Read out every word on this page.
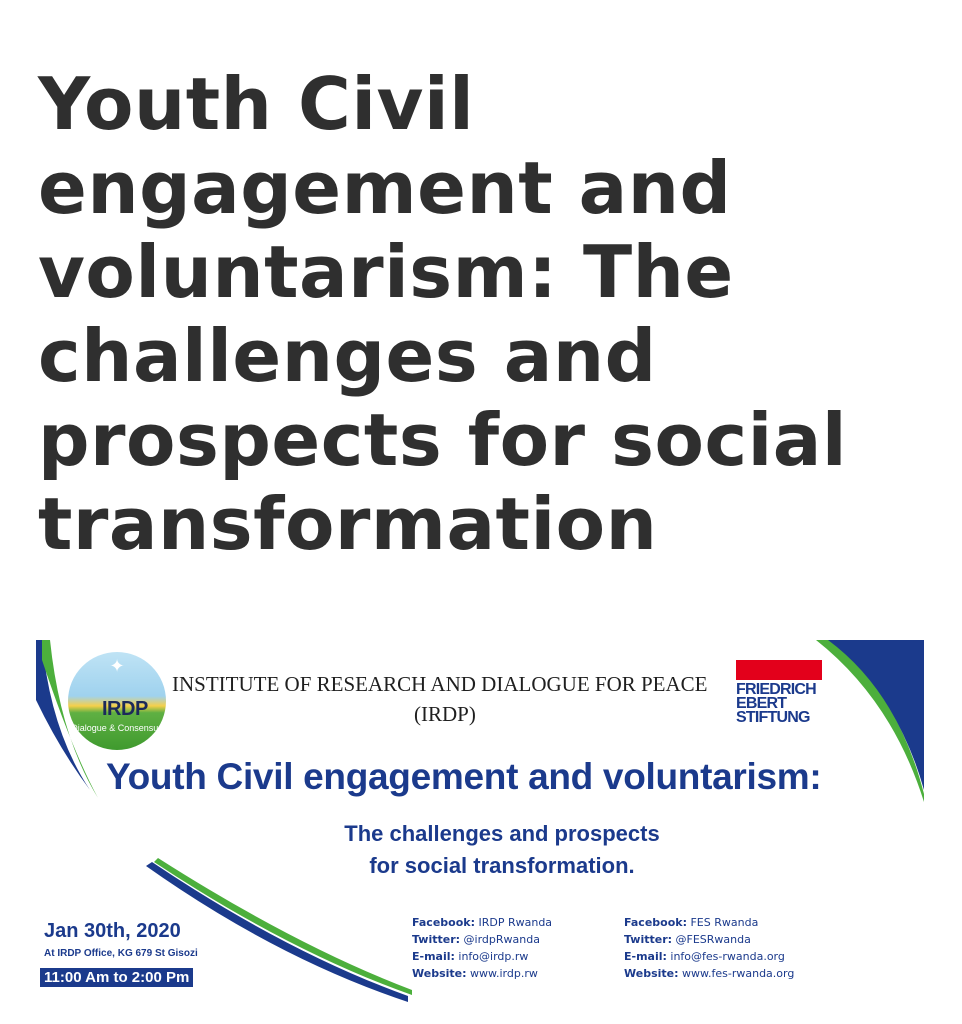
Youth Civil
engagement and
voluntarism: The
challenges and
prospects for social
transformation
✦
IRDP
Dialogue & Consensus
INSTITUTE OF RESEARCH AND DIALOGUE FOR PEACE
(IRDP)
FRIEDRICH
EBERT
STIFTUNG
Youth Civil engagement and voluntarism:
The challenges and prospects
for social transformation.
Jan 30th, 2020
At IRDP Office, KG 679 St Gisozi
11:00 Am to 2:00 Pm
Facebook: IRDP Rwanda
Twitter: @irdpRwanda
E-mail: info@irdp.rw
Website: www.irdp.rw
Facebook: FES Rwanda
Twitter: @FESRwanda
E-mail: info@fes-rwanda.org
Website: www.fes-rwanda.org
